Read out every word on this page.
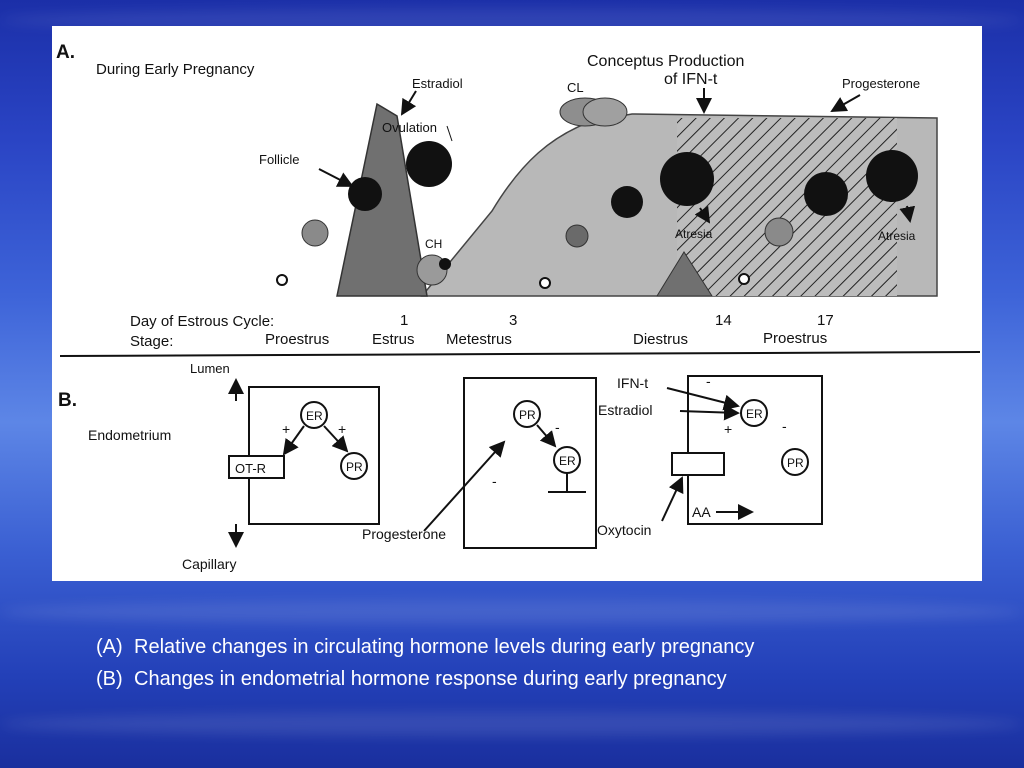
A.
During Early Pregnancy
Estradiol
Ovulation
Follicle
CL
CH
Conceptus Production
of IFN-t	Progesterone
Atresia	Atresia
Day of Estrous Cycle:	1	3	14	17
Stage:	Proestrus	Estrus Metestrus	Diestrus	Proestrus
B.
Lumen
Endometrium
OT-R
ER
PR
+	+
Capillary
PR
ER
-
-
Progesterone
ER
PR
IFN-t
Estradiol
-
+	-
Oxytocin
AA
(A) Relative changes in circulating hormone levels during early pregnancy
(B) Changes in endometrial hormone response during early pregnancy
